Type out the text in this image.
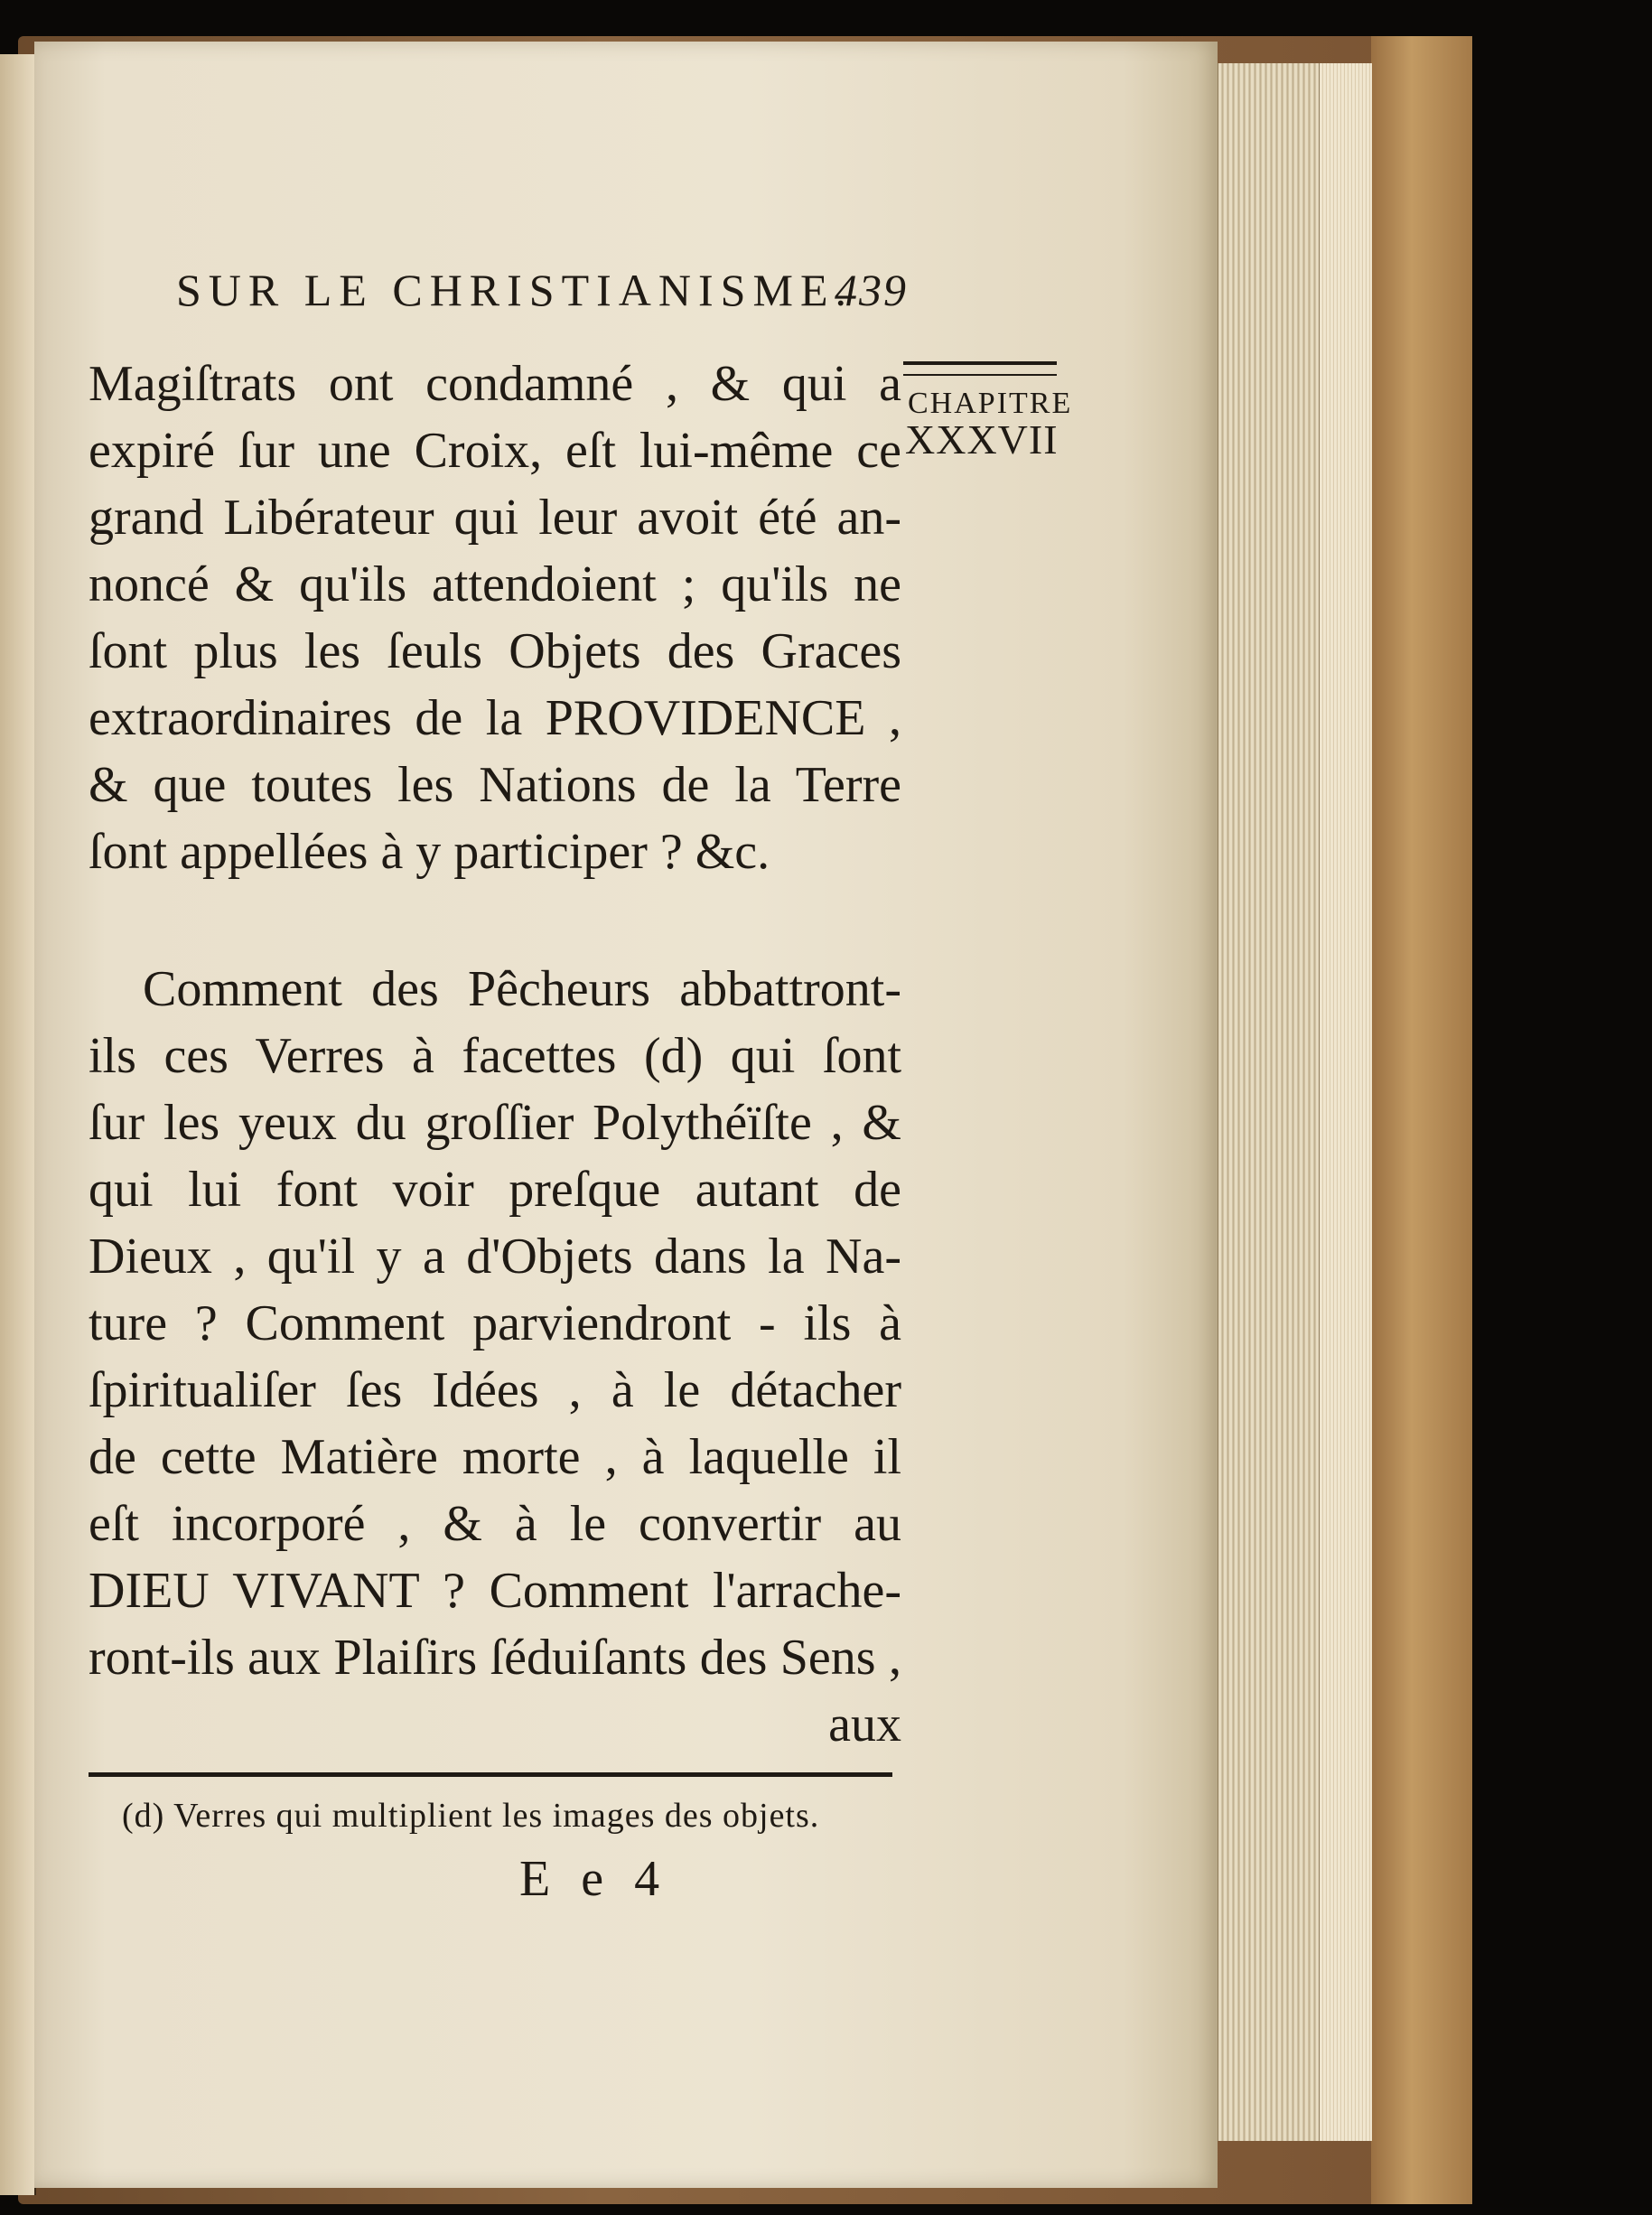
SUR LE CHRISTIANISME.
439
CHAPITRE
XXXVII
Magiſtrats ont condamné , & qui a
expiré ſur une Croix, eſt lui-même ce
grand Libérateur qui leur avoit été an-
noncé & qu'ils attendoient ; qu'ils ne
ſont plus les ſeuls Objets des Graces
extraordinaires de la PROVIDENCE ,
& que toutes les Nations de la Terre
ſont appellées à y participer ? &c.
Comment des Pêcheurs abbattront-
ils ces Verres à facettes (d) qui ſont
ſur les yeux du groſſier Polythéïſte , &
qui lui font voir preſque autant de
Dieux , qu'il y a d'Objets dans la Na-
ture ? Comment parviendront - ils à
ſpiritualiſer ſes Idées , à le détacher
de cette Matière morte , à laquelle il
eſt incorporé , & à le convertir au
DIEU VIVANT ? Comment l'arrache-
ront-ils aux Plaiſirs ſéduiſants des Sens ,
aux
(d) Verres qui multiplient les images des objets.
E e 4
